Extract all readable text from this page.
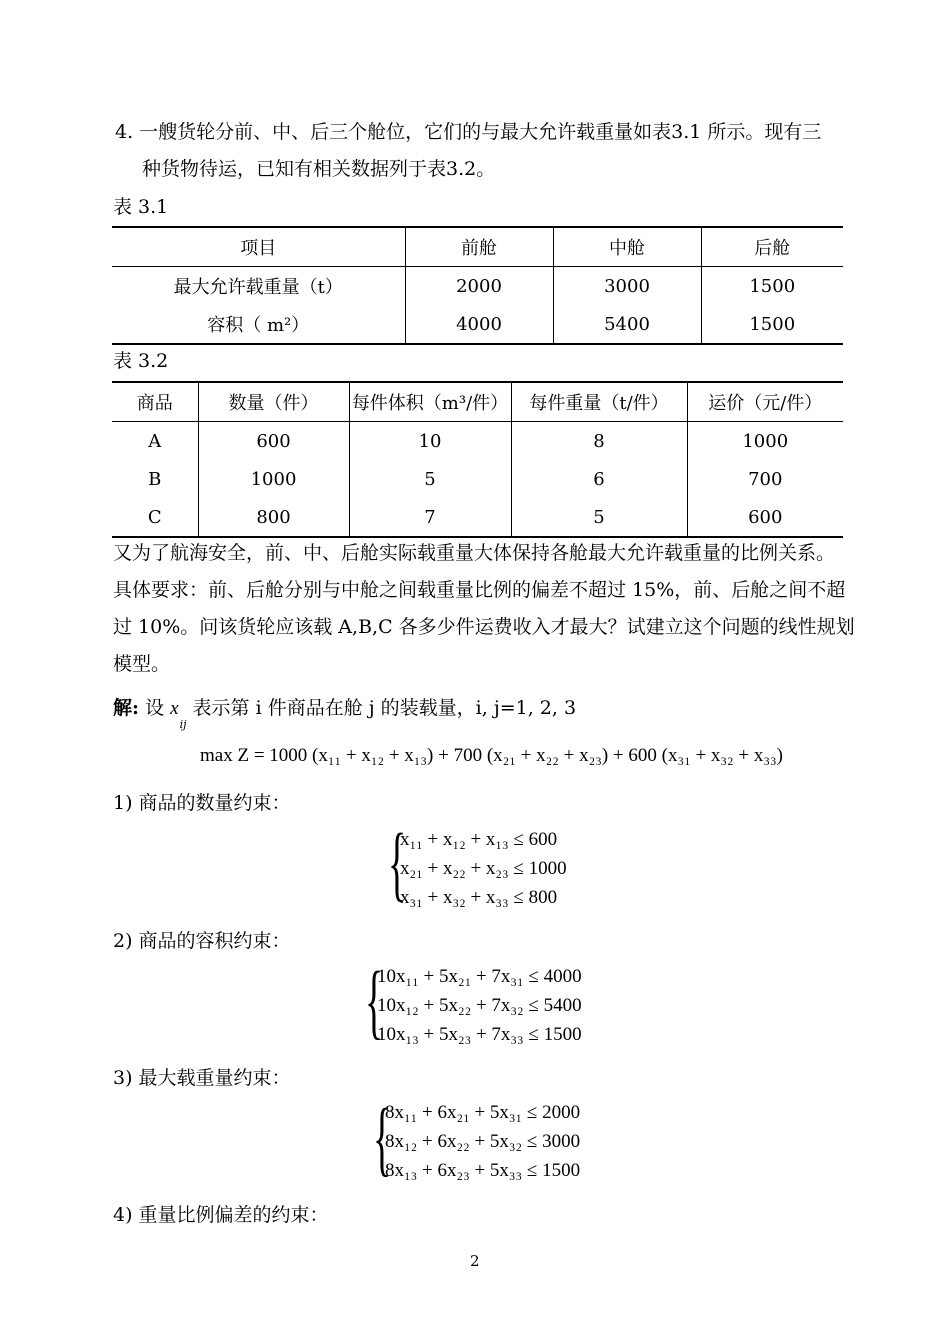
4. 一艘货轮分前、中、后三个舱位，它们的与最大允许载重量如表3.1 所示。现有三
种货物待运，已知有相关数据列于表3.2。
表 3.1
项目	前舱	中舱	后舱
最大允许载重量（t）	2000	3000	1500
容积（ m²）	4000	5400	1500
表 3.2
商品	数量（件）	每件体积（m³/件）	每件重量（t/件）	运价（元/件）
A	600	10	8	1000
B	1000	5	6	700
C	800	7	5	600
又为了航海安全，前、中、后舱实际载重量大体保持各舱最大允许载重量的比例关系。
具体要求：前、后舱分别与中舱之间载重量比例的偏差不超过 15%，前、后舱之间不超
过 10%。问该货轮应该载 A,B,C 各多少件运费收入才最大？试建立这个问题的线性规划
模型。
解: 设 $x_{ij}$ 表示第 i 件商品在舱 j 的装载量，i, j=1, 2, 3
max Z = 1000 (x₁₁ + x₁₂ + x₁₃) + 700 (x₂₁ + x₂₂ + x₂₃) + 600 (x₃₁ + x₃₂ + x₃₃)
1) 商品的数量约束：
{
x₁₁ + x₁₂ + x₁₃ ≤ 600
x₂₁ + x₂₂ + x₂₃ ≤ 1000
x₃₁ + x₃₂ + x₃₃ ≤ 800
2) 商品的容积约束：
{
10x₁₁ + 5x₂₁ + 7x₃₁ ≤ 4000
10x₁₂ + 5x₂₂ + 7x₃₂ ≤ 5400
10x₁₃ + 5x₂₃ + 7x₃₃ ≤ 1500
3) 最大载重量约束：
{
8x₁₁ + 6x₂₁ + 5x₃₁ ≤ 2000
8x₁₂ + 6x₂₂ + 5x₃₂ ≤ 3000
8x₁₃ + 6x₂₃ + 5x₃₃ ≤ 1500
4) 重量比例偏差的约束：
2
